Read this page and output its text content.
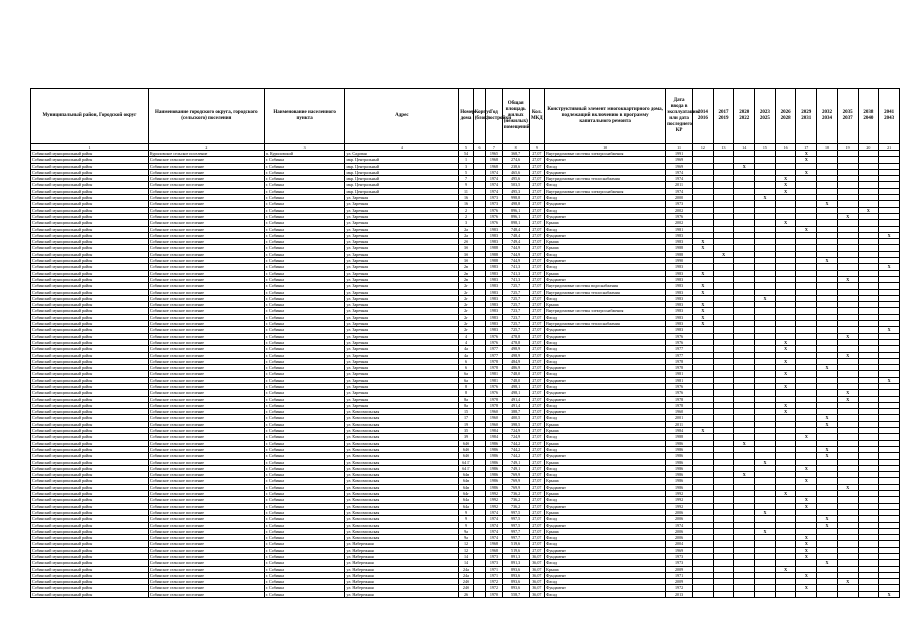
Муниципальный район, Городской округ	Наименование городского округа, городского (сельского) поселения	Наименование населенного пункта	Адрес	Номер дома	Корпус (блок)	Год постройки	Общая площадь жилых (нежилых) помещений	Кол. МКД	Конструктивный элемент многоквартирного дома, подлежащий включению в программу капитального ремонта	Дата ввода в эксплуатацию или дата последнего КР	2014 2016	2017 2019	2020 2022	2023 2025	2026 2028	2029 2031	2032 2034	2035 2037	2038 2040	2041 2043
1	2	3	4	5	6	7	8	9	10	11	12	13	14	15	16	17	18	19	20	21
Собинский муниципальный район	Куриловское сельское поселение	п. Куриловский	ул. Садовая	54		1965	368,7	27,07	Внутридомовые системы электроснабжения	1991						X				
Собинский муниципальный район	Собинское сельское поселение	г. Собинка	мкр. Центральный	1		1968	274,6	27,07	Фундамент	1969						X				
Собинский муниципальный район	Собинское сельское поселение	г. Собинка	мкр. Центральный	3		1968	238,6	27,07	Фасад	1969			X							
Собинский муниципальный район	Собинское сельское поселение	г. Собинка	мкр. Центральный	5		1974	465,6	27,07	Фундамент	1974						X				
Собинский муниципальный район	Собинское сельское поселение	г. Собинка	мкр. Центральный	7		1974	495,6	27,07	Внутридомовые системы теплоснабжения	1974					X					
Собинский муниципальный район	Собинское сельское поселение	г. Собинка	мкр. Центральный	9		1974	503,5	27,07	Фасад	2011					X					
Собинский муниципальный район	Собинское сельское поселение	г. Собинка	мкр. Центральный	11		1974	495,3	27,07	Внутридомовые системы электроснабжения	1974					X					
Собинский муниципальный район	Собинское сельское поселение	г. Собинка	ул. Заречная	16		1973	998,8	27,07	Фасад	2000				X						
Собинский муниципальный район	Собинское сельское поселение	г. Собинка	ул. Заречная	16		1973	498,8	27,07	Фундамент	1973							X			
Собинский муниципальный район	Собинское сельское поселение	г. Собинка	ул. Заречная	2		1976	896,1	27,07	Фасад	2002									X	
Собинский муниципальный район	Собинское сельское поселение	г. Собинка	ул. Заречная	2		1976	896,1	27,07	Фундамент	1976								X		
Собинский муниципальный район	Собинское сельское поселение	г. Собинка	ул. Заречная	3		1976	898,1	27,07	Крыша	2002					X					
Собинский муниципальный район	Собинское сельское поселение	г. Собинка	ул. Заречная	2а		1983	748,4	27,07	Фасад	1981						X				
Собинский муниципальный район	Собинское сельское поселение	г. Собинка	ул. Заречная	2а		1983	748,4	27,07	Фундамент	1983										X
Собинский муниципальный район	Собинское сельское поселение	г. Собинка	ул. Заречная	2б		1983	749,4	27,07	Крыша	1983	X									
Собинский муниципальный район	Собинское сельское поселение	г. Собинка	ул. Заречная	3б		1988	744,9	27,07	Крыша	1988	X									
Собинский муниципальный район	Собинское сельское поселение	г. Собинка	ул. Заречная	3б		1988	744,9	27,07	Фасад	1988		X								
Собинский муниципальный район	Собинское сельское поселение	г. Собинка	ул. Заречная	3б		1988	744,9	27,07	Фундамент	1990							X			
Собинский муниципальный район	Собинское сельское поселение	г. Собинка	ул. Заречная	2в		1983	741,3	27,07	Фасад	1983										X
Собинский муниципальный район	Собинское сельское поселение	г. Собинка	ул. Заречная	2в		1983	741,3	27,07	Крыша	1983	X									
Собинский муниципальный район	Собинское сельское поселение	г. Собинка	ул. Заречная	2в		1983	741,3	27,07	Фундамент	1983								X		
Собинский муниципальный район	Собинское сельское поселение	г. Собинка	ул. Заречная	2г		1983	725,7	27,07	Внутридомовые системы водоснабжения	1983	X									
Собинский муниципальный район	Собинское сельское поселение	г. Собинка	ул. Заречная	2г		1983	725,7	27,07	Внутридомовые системы теплоснабжения	1983	X									
Собинский муниципальный район	Собинское сельское поселение	г. Собинка	ул. Заречная	2г		1983	725,7	27,07	Фасад	1983				X						
Собинский муниципальный район	Собинское сельское поселение	г. Собинка	ул. Заречная	2г		1983	725,7	27,07	Крыша	1983	X									
Собинский муниципальный район	Собинское сельское поселение	г. Собинка	ул. Заречная	2г		1983	723,7	27,07	Внутридомовые системы электроснабжения	1983	X									
Собинский муниципальный район	Собинское сельское поселение	г. Собинка	ул. Заречная	2г		1983	723,7	27,07	Фасад	1983	X									
Собинский муниципальный район	Собинское сельское поселение	г. Собинка	ул. Заречная	2г		1983	725,7	27,07	Внутридомовые системы теплоснабжения	1983	X									
Собинский муниципальный район	Собинское сельское поселение	г. Собинка	ул. Заречная	2г		1983	725,7	27,07	Фундамент	1983										X
Собинский муниципальный район	Собинское сельское поселение	г. Собинка	ул. Заречная	4		1976	478,8	27,07	Фундамент	1976								X		
Собинский муниципальный район	Собинское сельское поселение	г. Собинка	ул. Заречная	4		1976	478,8	27,07	Фасад	1976					X					
Собинский муниципальный район	Собинское сельское поселение	г. Собинка	ул. Заречная	4а		1977	498,9	27,07	Фасад	1977					X					
Собинский муниципальный район	Собинское сельское поселение	г. Собинка	ул. Заречная	4а		1977	498,9	27,07	Фундамент	1977								X		
Собинский муниципальный район	Собинское сельское поселение	г. Собинка	ул. Заречная	6		1978	484,9	27,07	Фасад	1978					X					
Собинский муниципальный район	Собинское сельское поселение	г. Собинка	ул. Заречная	6		1978	486,9	27,07	Фундамент	1978							X			
Собинский муниципальный район	Собинское сельское поселение	г. Собинка	ул. Заречная	6а		1981	748,0	27,07	Фасад	1981					X					
Собинский муниципальный район	Собинское сельское поселение	г. Собинка	ул. Заречная	6а		1981	748,0	27,07	Фундамент	1981										X
Собинский муниципальный район	Собинское сельское поселение	г. Собинка	ул. Заречная	8		1976	498,1	27,07	Фасад	1976					X					
Собинский муниципальный район	Собинское сельское поселение	г. Собинка	ул. Заречная	8		1976	498,1	27,07	Фундамент	1976								X		
Собинский муниципальный район	Собинское сельское поселение	г. Собинка	ул. Заречная	8а		1978	491,4	27,07	Фундамент	1978								X		
Собинский муниципальный район	Собинское сельское поселение	г. Собинка	ул. Заречная	8а		1978	491,4	27,07	Фасад	1978					X					
Собинский муниципальный район	Собинское сельское поселение	г. Собинка	ул. Комсомольская	15		1960	388,7	27,07	Фундамент	1960					X					
Собинский муниципальный район	Собинское сельское поселение	г. Собинка	ул. Комсомольская	17		1960	400,5	27,07	Фасад	2001							X			
Собинский муниципальный район	Собинское сельское поселение	г. Собинка	ул. Комсомольская	19		1960	398,5	27,07	Крыша	2011							X			
Собинский муниципальный район	Собинское сельское поселение	г. Собинка	ул. Комсомольская	35		1984	724,9	27,07	Крыша	1984	X									
Собинский муниципальный район	Собинское сельское поселение	г. Собинка	ул. Комсомольская	39		1984	724,9	27,07	Фасад	1988						X				
Собинский муниципальный район	Собинское сельское поселение	г. Собинка	ул. Комсомольская	64б		1986	744,2	27,07	Крыша	1986			X							
Собинский муниципальный район	Собинское сельское поселение	г. Собинка	ул. Комсомольская	64б		1986	744,2	27,07	Фасад	1986							X			
Собинский муниципальный район	Собинское сельское поселение	г. Собинка	ул. Комсомольская	64б		1986	744,2	27,07	Фундамент	1986							X			
Собинский муниципальный район	Собинское сельское поселение	г. Собинка	ул. Комсомольская	64 Г		1986	749,1	27,07	Крыша	1986				X						
Собинский муниципальный район	Собинское сельское поселение	г. Собинка	ул. Комсомольская	64 Г		1986	749,1	27,07	Фасад	1986						X				
Собинский муниципальный район	Собинское сельское поселение	г. Собинка	ул. Комсомольская	64в		1986	769,9	27,07	Фасад	1986			X							
Собинский муниципальный район	Собинское сельское поселение	г. Собинка	ул. Комсомольская	64в		1986	769,9	27,07	Крыша	1986						X				
Собинский муниципальный район	Собинское сельское поселение	г. Собинка	ул. Комсомольская	64в		1986	769,9	27,07	Фундамент	1986								X		
Собинский муниципальный район	Собинское сельское поселение	г. Собинка	ул. Комсомольская	64г		1992	736,2	27,07	Крыша	1992					X					
Собинский муниципальный район	Собинское сельское поселение	г. Собинка	ул. Комсомольская	64а		1992	736,2	27,07	Фасад	1992						X				
Собинский муниципальный район	Собинское сельское поселение	г. Собинка	ул. Комсомольская	64а		1992	736,2	27,07	Фундамент	1992						X				
Собинский муниципальный район	Собинское сельское поселение	г. Собинка	ул. Комсомольская	9		1974	997,5	27,07	Крыша	2006				X						
Собинский муниципальный район	Собинское сельское поселение	г. Собинка	ул. Комсомольская	9		1974	997,5	27,07	Фасад	2006							X			
Собинский муниципальный район	Собинское сельское поселение	г. Собинка	ул. Комсомольская	9		1974	997,5	27,07	Фундамент	1974							X			
Собинский муниципальный район	Собинское сельское поселение	г. Собинка	ул. Комсомольская	9а		1974	997,7	27,07	Крыша	2006				X						
Собинский муниципальный район	Собинское сельское поселение	г. Собинка	ул. Комсомольская	9а		1974	997,7	27,07	Фасад	2006						X				
Собинский муниципальный район	Собинское сельское поселение	г. Собинка	ул. Набережная	12		1968	519,6	27,07	Фасад	2004						X				
Собинский муниципальный район	Собинское сельское поселение	г. Собинка	ул. Набережная	12		1968	519,6	27,07	Фундамент	1969						X				
Собинский муниципальный район	Собинское сельское поселение	г. Собинка	ул. Набережная	14		1973	891,3	36,07	Фундамент	1973						X				
Собинский муниципальный район	Собинское сельское поселение	г. Собинка	ул. Набережная	14		1973	891,3	36,07	Фасад	1973							X			
Собинский муниципальный район	Собинское сельское поселение	г. Собинка	ул. Набережная	24а		1971	893,6	36,07	Крыша	2009					X					
Собинский муниципальный район	Собинское сельское поселение	г. Собинка	ул. Набережная	24а		1971	893,6	36,07	Фундамент	1971						X				
Собинский муниципальный район	Собинское сельское поселение	г. Собинка	ул. Набережная	24б		1972	893,6	36,07	Фасад	2009								X		
Собинский муниципальный район	Собинское сельское поселение	г. Собинка	ул. Набережная	24б		1972	893,6	36,07	Фундамент	1972						X				
Собинский муниципальный район	Собинское сельское поселение	г. Собинка	ул. Набережная	26		1970	558,7	36,07	Фасад	2013										X
